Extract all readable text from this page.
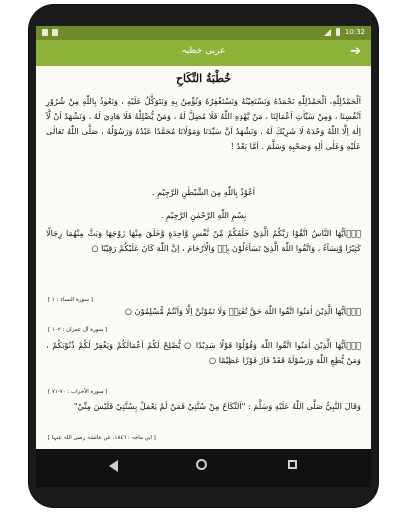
10:32
عربی خطبہ	➔
خُطْبَةُ النِّكَاحِ
اَلْحَمْدُلِلّٰهِ، اَلْحَمْدُلِلّٰهِ نَحْمَدُهُ وَنَسْتَعِيْنُهُ وَنَسْتَغْفِرُهُ وَنُؤْمِنُ بِهِ وَنَتَوَكَّلُ عَلَيْهِ ، وَنَعُوذُ بِاللّٰهِ مِنْ شُرُوْرِ اَنْفُسِنَا ، وَمِنْ سَيِّاٰتِ اَعْمَالِنَا ، مَنْ يَّهْدِهِ اللّٰهُ فَلَا مُضِلَّ لَهُ ، وَمَنْ يُّضْلِلْهُ فَلَا هَادِيَ لَهُ ، وَنَشْهَدُ اَنْ لَّآ اِلٰهَ اِلَّا اللّٰهُ وَحْدَهُ لَا شَرِيْكَ لَهُ ، وَنَشْهَدُ اَنَّ سَيِّدَنَا وَمَوْلَانَا مُحَمَّدًا عَبْدُهُ وَرَسُوْلُهُ ، صَلَّى اللّٰهُ تَعَالٰى عَلَيْهِ وَعَلٰى اٰلِهِ وَصَحْبِهِ وَسَلَّمَ . اَمَّا بَعْدُ !
اَعُوْذُ بِاللّٰهِ مِنَ الشَّيْطٰنِ الرَّجِيْمِ .
بِسْمِ اللّٰهِ الرَّحْمٰنِ الرَّحِيْمِ .
يٰۤاَيُّهَا النَّاسُ اتَّقُوْا رَبَّكُمُ الَّذِيْ خَلَقَكُمْ مِّنْ نَّفْسٍ وَّاحِدَةٍ وَّخَلَقَ مِنْهَا زَوْجَهَا وَبَثَّ مِنْهُمَا رِجَالًا كَثِيْرًا وَّنِسَآءً ، وَاتَّقُوا اللّٰهَ الَّذِيْ تَسَآءَلُوْنَ بِهٖ وَالْاَرْحَامَ ، اِنَّ اللّٰهَ كَانَ عَلَيْكُمْ رَقِيْبًا ○
[ سورة النساء : ١ ]
يٰۤاَيُّهَا الَّذِيْنَ اٰمَنُوا اتَّقُوا اللّٰهَ حَقَّ تُقٰتِهٖ وَلَا تَمُوْتُنَّ اِلَّا وَاَنْتُمْ مُّسْلِمُوْنَ ○
[ سورة آل عمران : ١٠٢ ]
يٰۤاَيُّهَا الَّذِيْنَ اٰمَنُوا اتَّقُوا اللّٰهَ وَقُوْلُوْا قَوْلًا سَدِيْدًا ○ يُّصْلِحْ لَكُمْ اَعْمَالَكُمْ وَيَغْفِرْ لَكُمْ ذُنُوْبَكُمْ ، وَمَنْ يُّطِعِ اللّٰهَ وَرَسُوْلَهٗ فَقَدْ فَازَ فَوْزًا عَظِيْمًا ○
[ سورة الأحزاب : ٧٠-٧١ ]
وَقَالَ النَّبِيُّ صَلَّى اللّٰهُ عَلَيْهِ وَسَلَّمَ : "اَلنِّكَاحُ مِنْ سُنَّتِيْ فَمَنْ لَمْ يَعْمَلْ بِسُنَّتِيْ فَلَيْسَ مِنِّيْ"
[ ابن ماجہ : ١٨٤٦، عن عائشہ رضی اللہ عنہا ]
